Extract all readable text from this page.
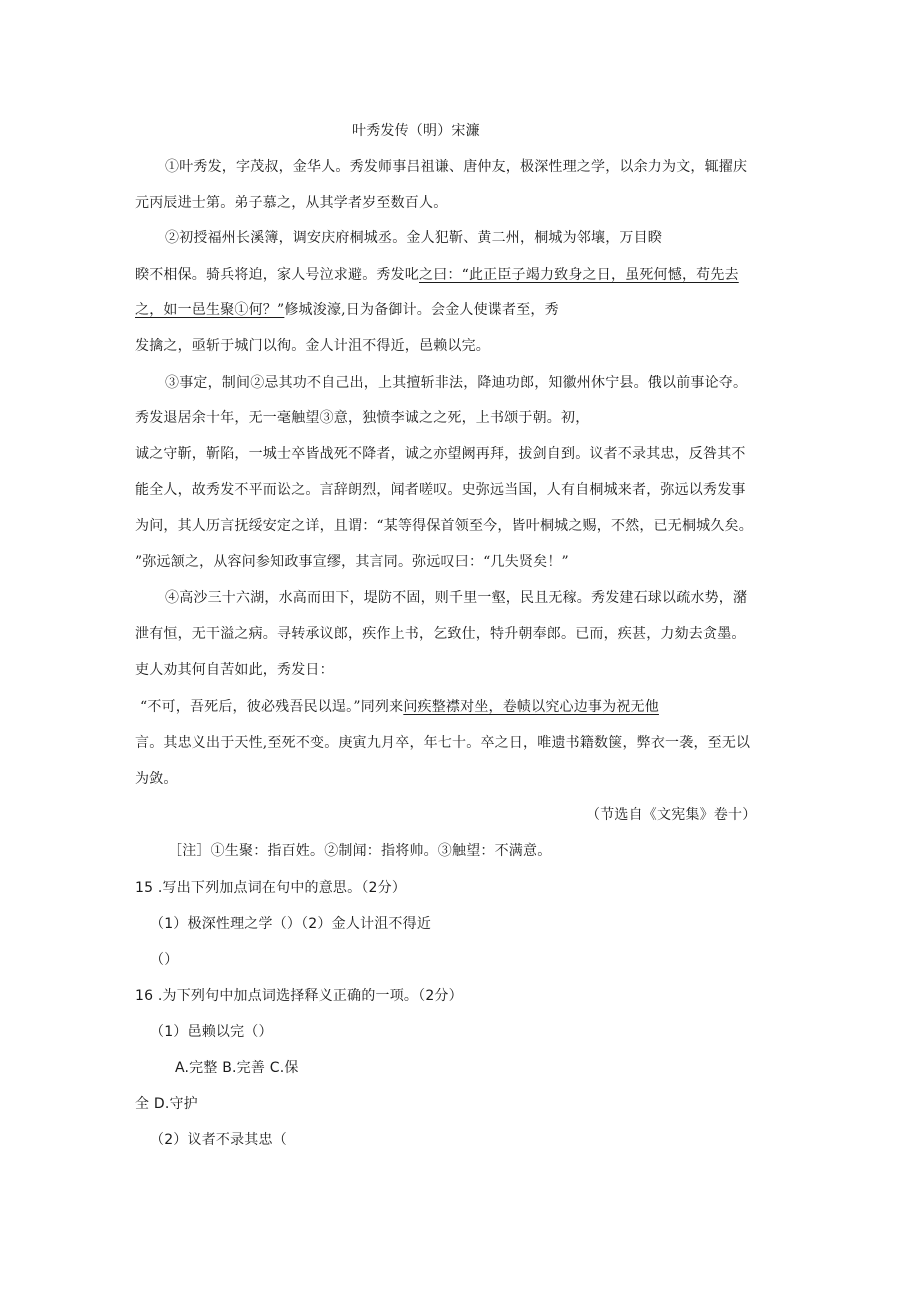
叶秀发传（明）宋濂
①叶秀发，字茂叔，金华人。秀发师事吕祖谦、唐仲友，极深性理之学，以余力为文，辄擢庆
元丙辰进士第。弟子慕之，从其学者岁至数百人。
②初授福州长溪簿，调安庆府桐城丞。金人犯靳、黄二州，桐城为邻壤，万目睽
睽不相保。骑兵将迫，家人号泣求避。秀发叱之曰：“此正臣子竭力致身之日，虽死何憾，苟先去
之，如一邑生聚①何？”修城浚濠,日为备御计。会金人使谍者至，秀
发擒之，亟斩于城门以徇。金人计沮不得近，邑赖以完。
③事定，制间②忌其功不自己出，上其擅斩非法，降迪功郎，知徽州休宁县。俄以前事论夺。
秀发退居余十年，无一毫触望③意，独愤李诚之之死，上书颂于朝。初，
诚之守靳，靳陷，一城士卒皆战死不降者，诚之亦望阙再拜，拔剑自到。议者不录其忠，反咎其不
能全人，故秀发不平而讼之。言辞朗烈，闻者嗟叹。史弥远当国，人有自桐城来者，弥远以秀发事
为问，其人历言抚绥安定之详，且谓：“某等得保首领至今，皆叶桐城之赐，不然，已无桐城久矣。
”弥远颔之，从容问参知政事宣缪，其言同。弥远叹曰：“几失贤矣！”
④高沙三十六湖，水高而田下，堤防不固，则千里一壑，民且无稼。秀发建石球以疏水势，潴
泄有恒，无干溢之病。寻转承议郎，疾作上书，乞致仕，特升朝奉郎。已而，疾甚，力劾去贪墨。
吏人劝其何自苦如此，秀发日：
“不可，吾死后，彼必残吾民以逞。”同列来问疾整襟对坐，卷帻以究心边事为祝无他
言。其忠义出于天性,至死不变。庚寅九月卒，年七十。卒之日，唯遗书籍数箧，弊衣一袭，至无以
为敛。
（节选自《文宪集》卷十）
［注］①生聚：指百姓。②制闻：指将帅。③触望：不满意。
15 .写出下列加点词在句中的意思。（2分）
（1）极深性理之学（）（2）金人计沮不得近
（）
16 .为下列句中加点词选择释义正确的一项。（2分）
（1）邑赖以完（）
A.完整 B.完善 C.保
全 D.守护
（2）议者不录其忠（
